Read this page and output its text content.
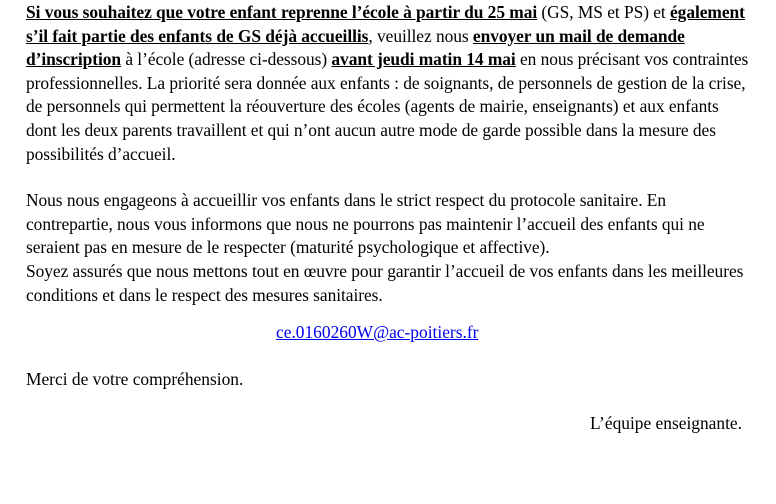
Si vous souhaitez que votre enfant reprenne l’école à partir du 25 mai (GS, MS et PS) et également s’il fait partie des enfants de GS déjà accueillis, veuillez nous envoyer un mail de demande d’inscription à l’école (adresse ci-dessous) avant jeudi matin 14 mai en nous précisant vos contraintes professionnelles. La priorité sera donnée aux enfants : de soignants, de personnels de gestion de la crise, de personnels qui permettent la réouverture des écoles (agents de mairie, enseignants) et aux enfants dont les deux parents travaillent et qui n’ont aucun autre mode de garde possible dans la mesure des possibilités d’accueil.

Nous nous engageons à accueillir vos enfants dans le strict respect du protocole sanitaire. En contrepartie, nous vous informons que nous ne pourrons pas maintenir l’accueil des enfants qui ne seraient pas en mesure de le respecter (maturité psychologique et affective).

Soyez assurés que nous mettons tout en œuvre pour garantir l’accueil de vos enfants dans les meilleures conditions et dans le respect des mesures sanitaires.

ce.0160260W@ac-poitiers.fr

Merci de votre compréhension.

L’équipe enseignante.
